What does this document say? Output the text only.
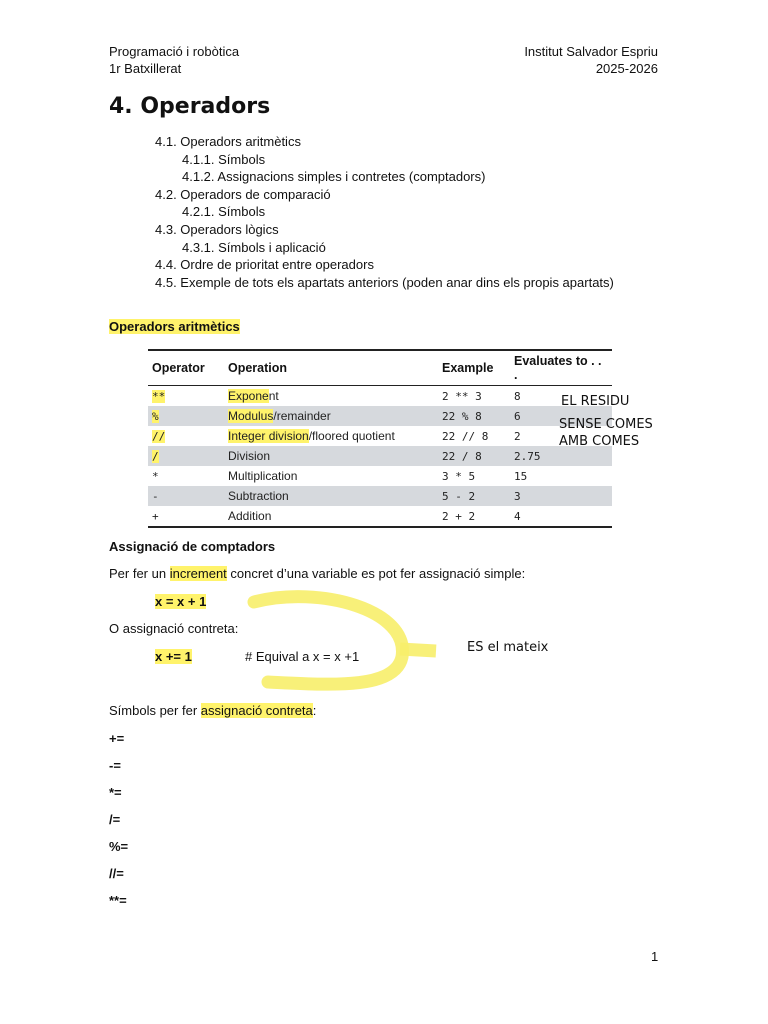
Programació i robòtica
1r Batxillerat
Institut Salvador Espriu
2025-2026
4. Operadors
4.1. Operadors aritmètics
4.1.1. Símbols
4.1.2. Assignacions simples i contretes (comptadors)
4.2. Operadors de comparació
4.2.1. Símbols
4.3. Operadors lògics
4.3.1. Símbols i aplicació
4.4. Ordre de prioritat entre operadors
4.5. Exemple de tots els apartats anteriors (poden anar dins els propis apartats)
Operadors aritmètics
Operator	Operation	Example	Evaluates to . . .
**	Exponent	2 ** 3	8
%	Modulus/remainder	22 % 8	6
//	Integer division/floored quotient	22 // 8	2
/	Division	22 / 8	2.75
*	Multiplication	3 * 5	15
-	Subtraction	5 - 2	3
+	Addition	2 + 2	4
EL RESIDU
SENSE COMES
AMB COMES
Assignació de comptadors
Per fer un increment concret d’una variable es pot fer assignació simple:
x = x + 1
O assignació contreta:
x += 1	# Equival a x = x +1
ES el mateix
Símbols per fer assignació contreta:
+=
-=
*=
/=
%=
//=
**=
1
